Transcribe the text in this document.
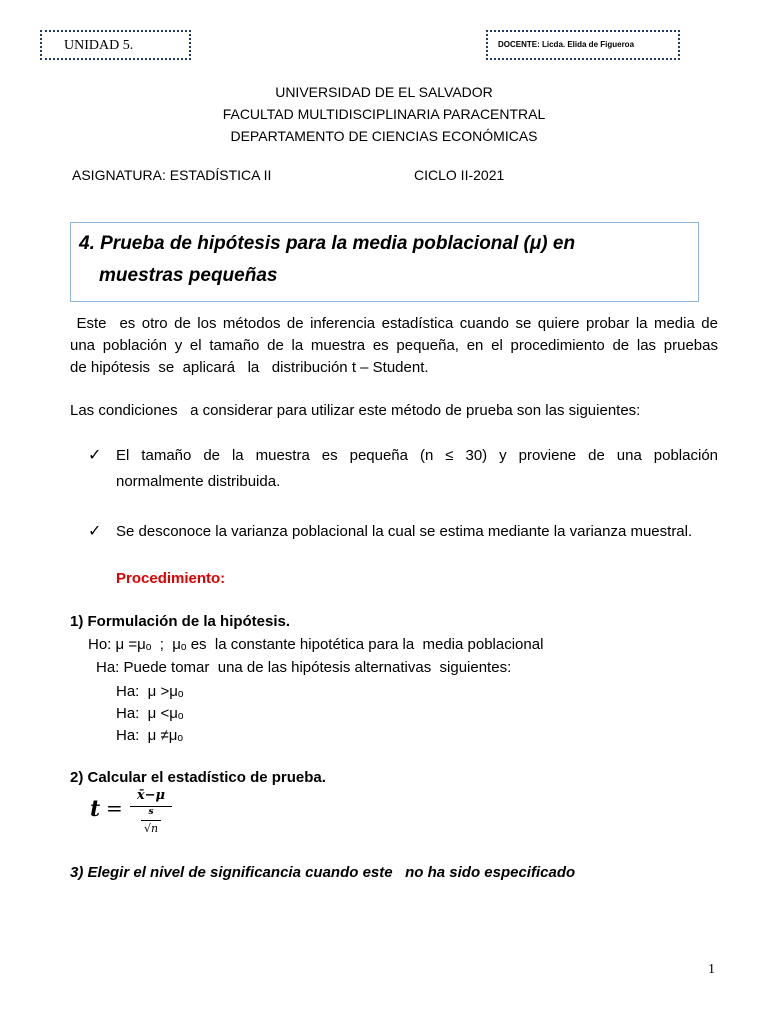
UNIDAD 5.	DOCENTE: Licda. Elida de Figueroa
UNIVERSIDAD DE EL SALVADOR
FACULTAD MULTIDISCIPLINARIA PARACENTRAL
DEPARTAMENTO DE CIENCIAS ECONÓMICAS
ASIGNATURA: ESTADÍSTICA II	CICLO II-2021
4. Prueba de hipótesis para la media poblacional (μ) en
muestras pequeñas
Este  es otro de los métodos de inferencia estadística cuando se quiere probar la media de
una población y el tamaño de la muestra es pequeña, en el procedimiento de las pruebas
de hipótesis  se  aplicará   la   distribución t – Student.
Las condiciones   a considerar para utilizar este método de prueba son las siguientes:
✓ El  tamaño  de  la  muestra  es  pequeña  (n  ≤  30)  y  proviene  de  una  población
normalmente distribuida.
✓ Se desconoce la varianza poblacional la cual se estima mediante la varianza muestral.
Procedimiento:
1) Formulación de la hipótesis.
Ho: μ =μₒ  ;  μₒ es  la constante hipotética para la  media poblacional
Ha: Puede tomar  una de las hipótesis alternativas  siguientes:
Ha:  μ >μₒ
Ha:  μ <μₒ
Ha:  μ ≠μₒ
2) Calcular el estadístico de prueba.
t =
x̄−μ
s
√n
3) Elegir el nivel de significancia cuando este   no ha sido especificado
1
